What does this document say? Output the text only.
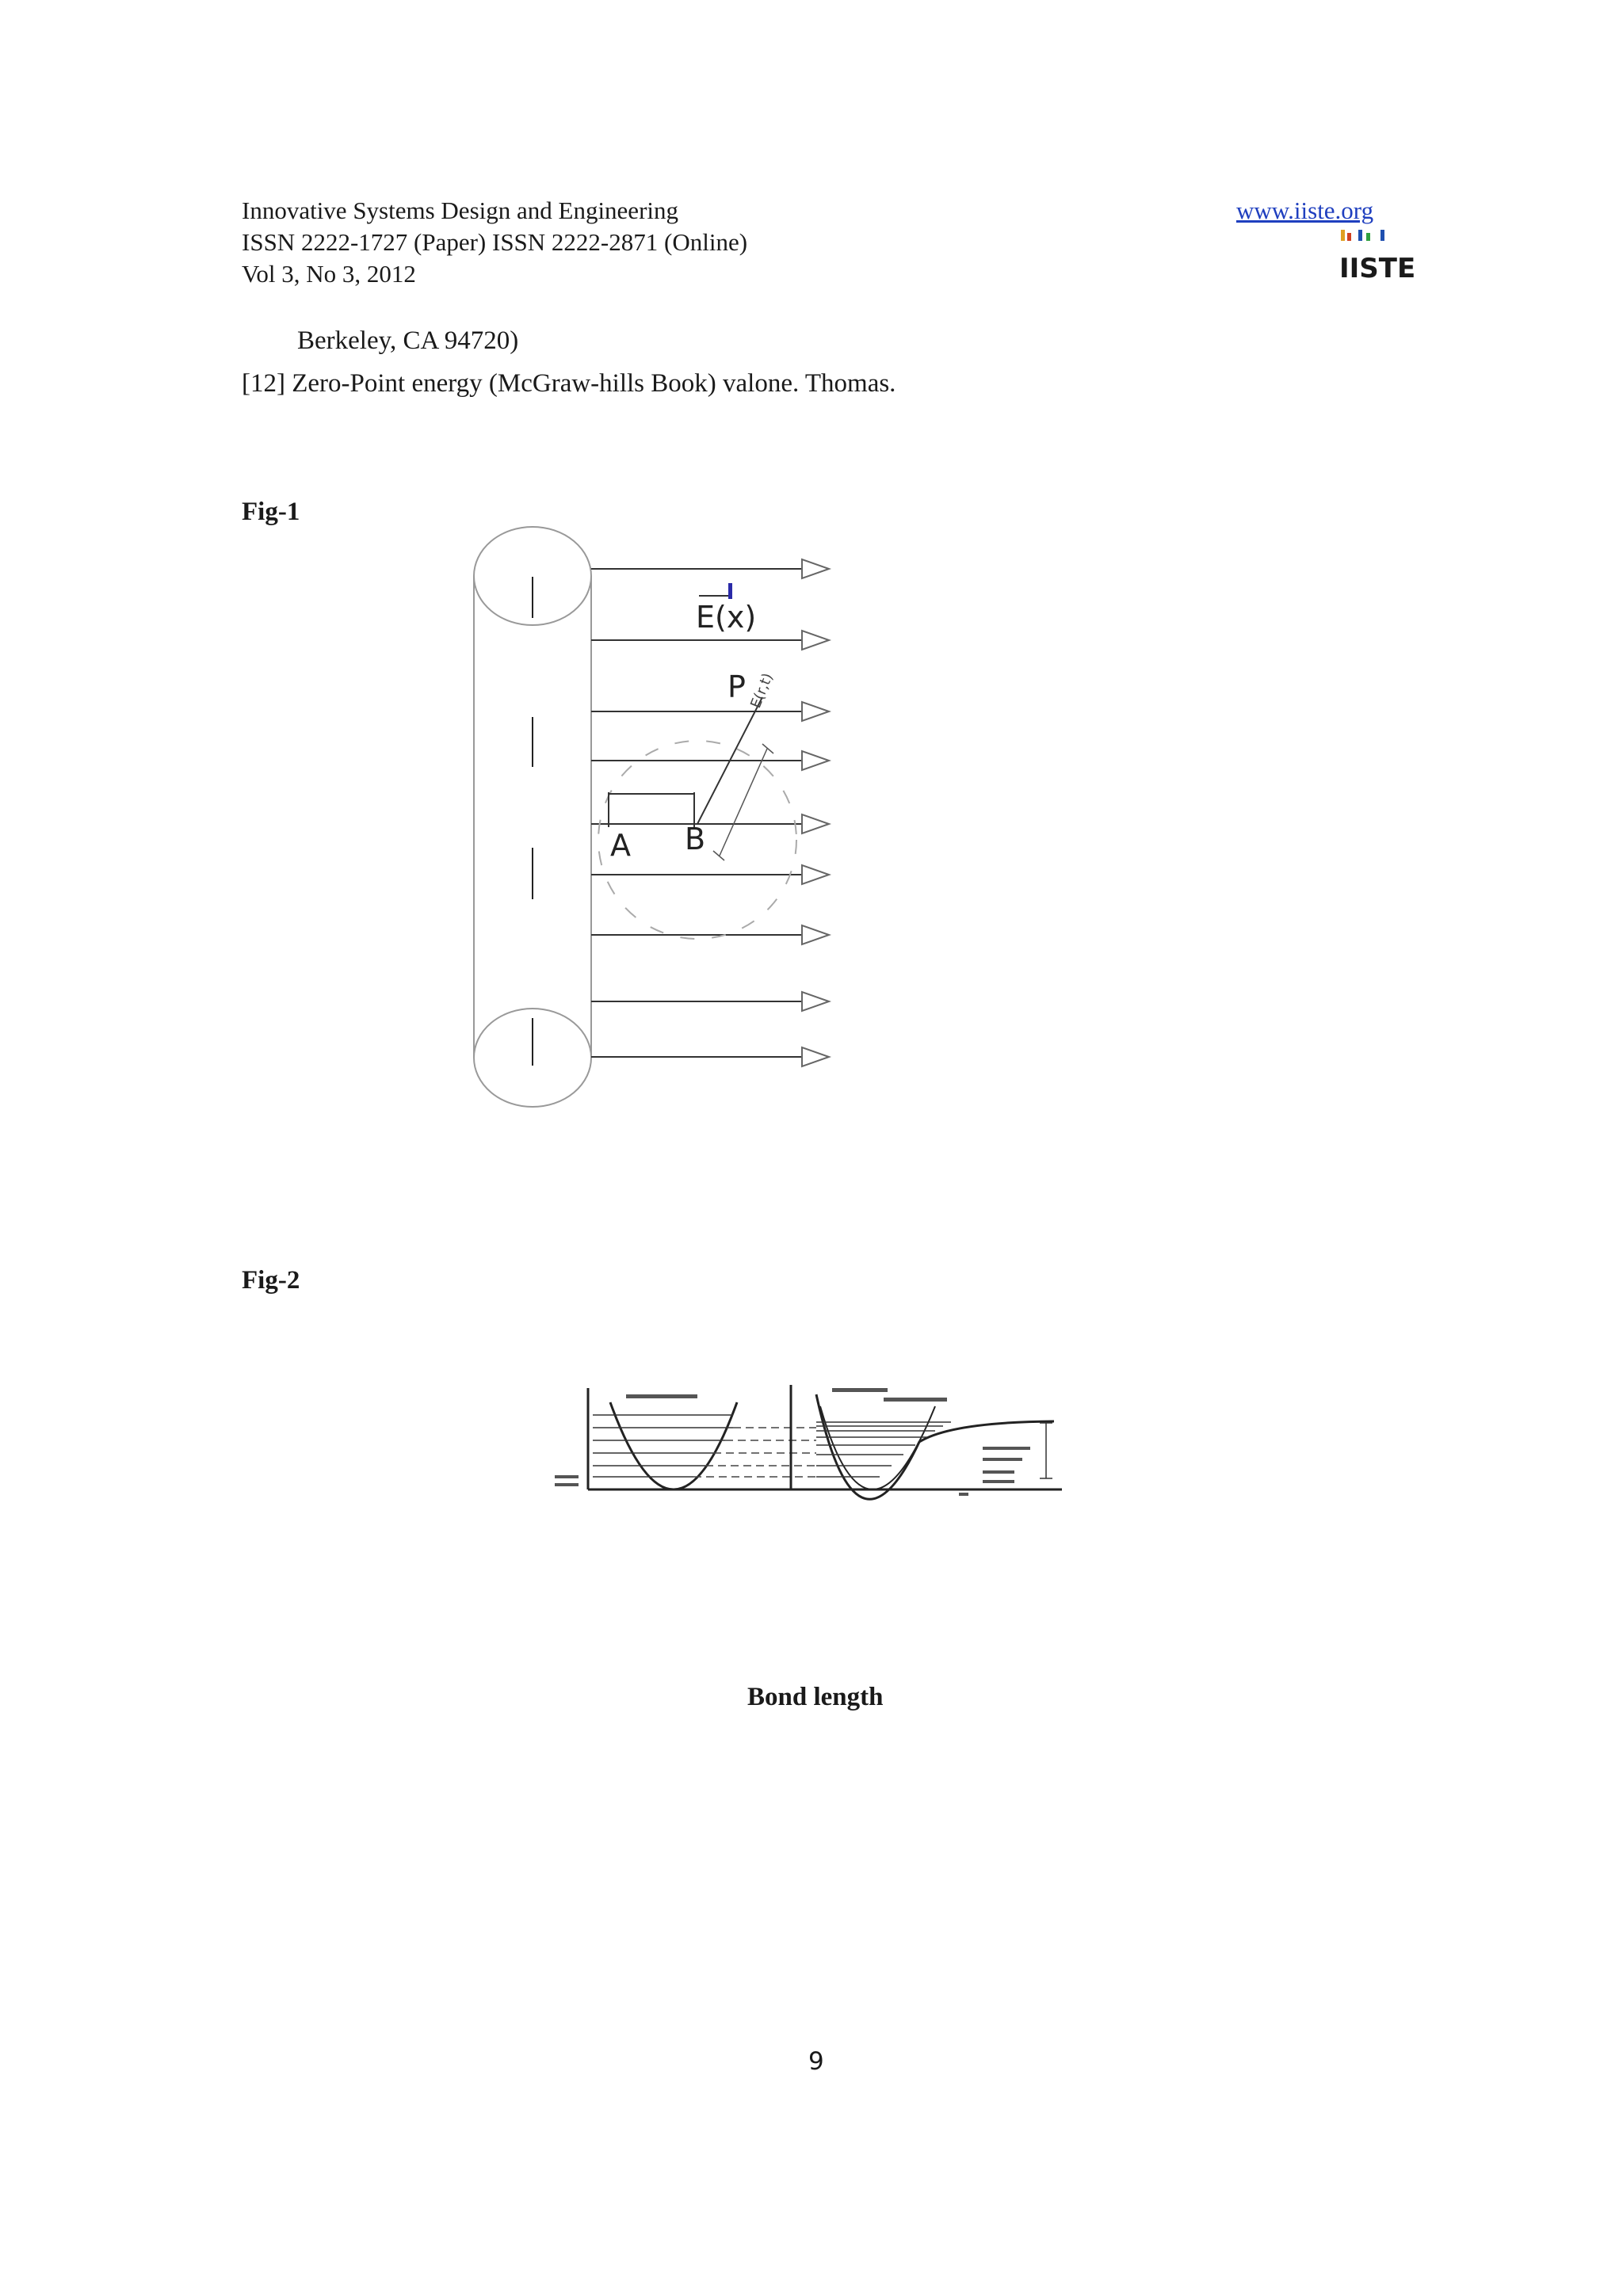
Innovative Systems Design and Engineering
ISSN 2222-1727 (Paper) ISSN 2222-2871 (Online)
Vol 3, No 3, 2012
www.iiste.org
IISTE
Berkeley, CA 94720)
[12] Zero-Point energy (McGraw-hills Book) valone. Thomas.
Fig-1
E(x)
P E(r,t)
A B
Fig-2
Bond length
9
